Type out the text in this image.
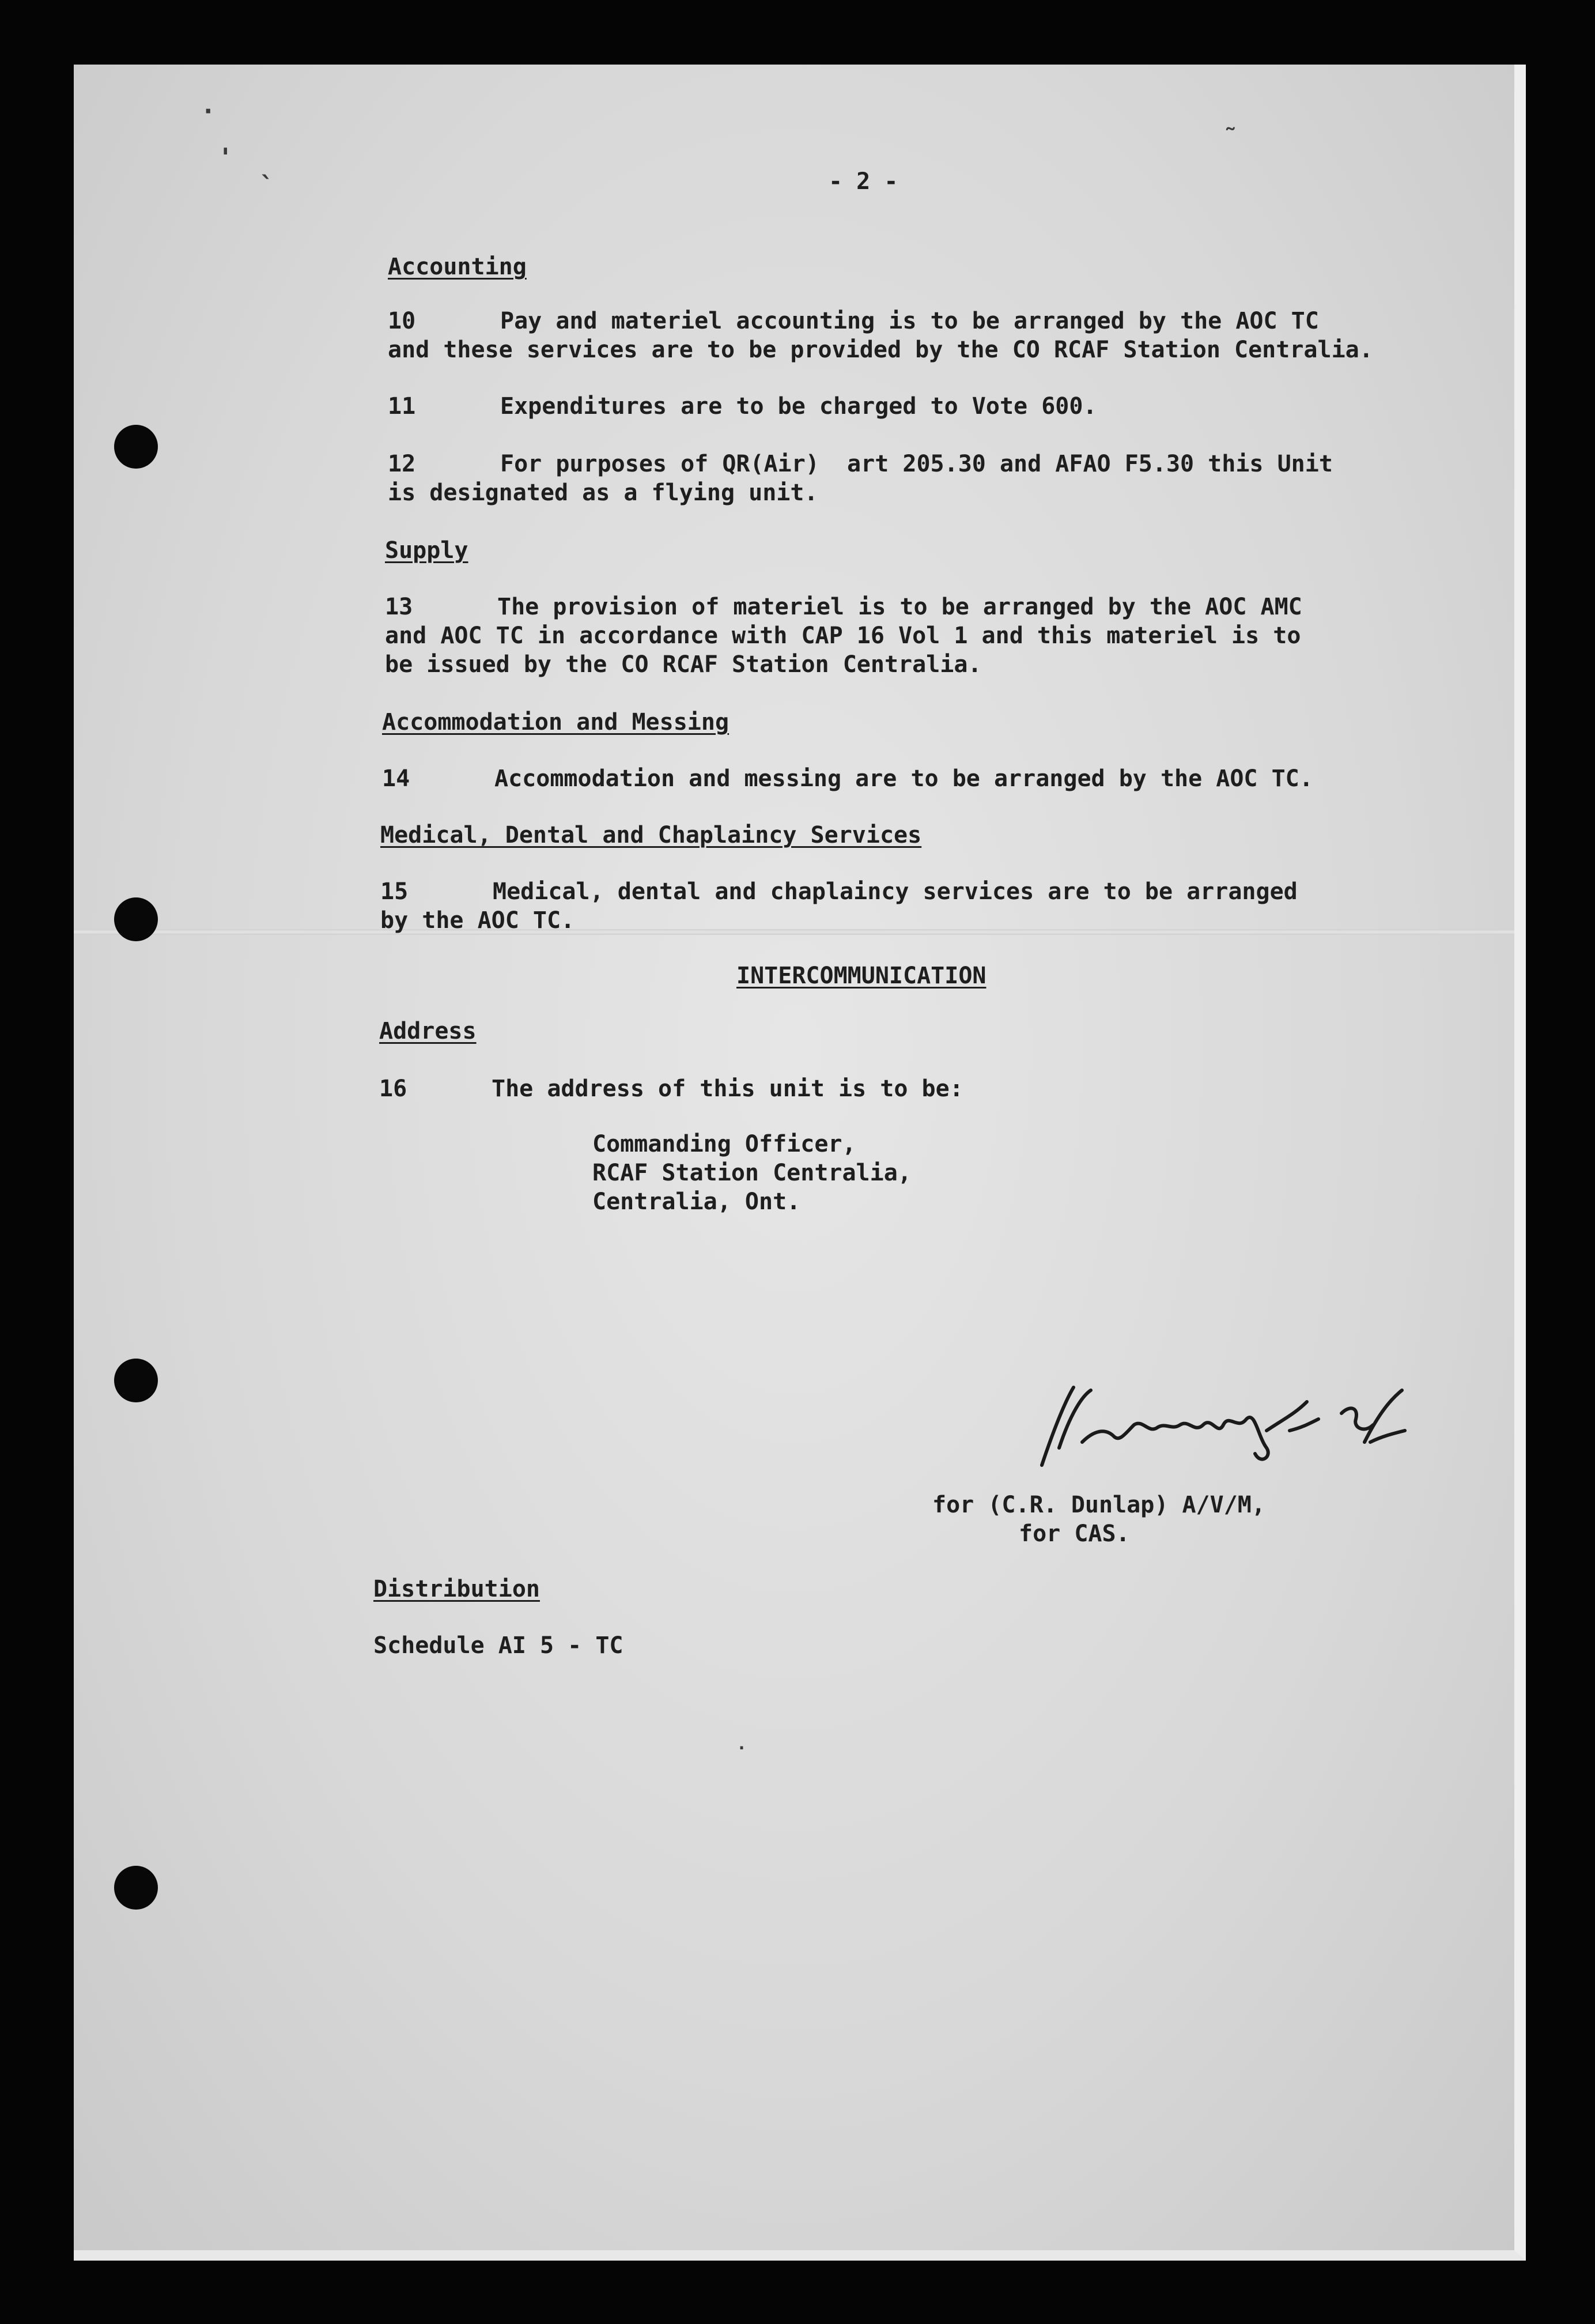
·
' ˎ
˷
- 2 -
Accounting
10	Pay and materiel accounting is to be arranged by the AOC TC
and these services are to be provided by the CO RCAF Station Centralia.
11	Expenditures are to be charged to Vote 600.
12	For purposes of QR(Air)  art 205.30 and AFAO F5.30 this Unit
is designated as a flying unit.
Supply
13	The provision of materiel is to be arranged by the AOC AMC
and AOC TC in accordance with CAP 16 Vol 1 and this materiel is to
be issued by the CO RCAF Station Centralia.
Accommodation and Messing
14	Accommodation and messing are to be arranged by the AOC TC.
Medical, Dental and Chaplaincy Services
15	Medical, dental and chaplaincy services are to be arranged
by the AOC TC.
INTERCOMMUNICATION
Address
16	The address of this unit is to be:
Commanding Officer,
RCAF Station Centralia,
Centralia, Ont.
for (C.R. Dunlap) A/V/M,
for CAS.
Distribution
Schedule AI 5 - TC
·
